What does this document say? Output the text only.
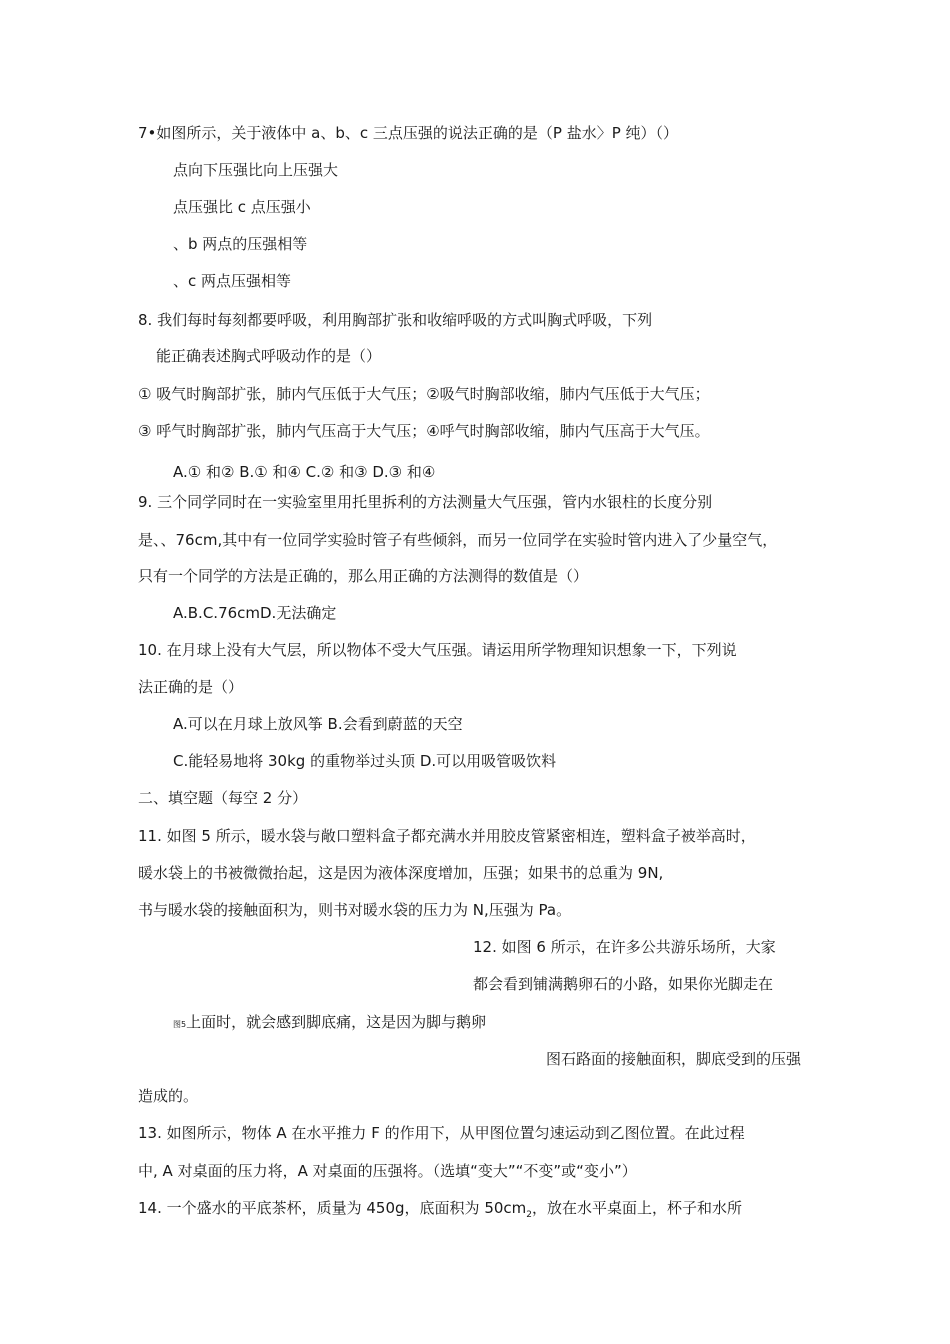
7•如图所示，关于液体中 a、b、c 三点压强的说法正确的是（P 盐水〉P 纯）（）
点向下压强比向上压强大
点压强比 c 点压强小
、b 两点的压强相等
、c 两点压强相等
8. 我们每时每刻都要呼吸，利用胸部扩张和收缩呼吸的方式叫胸式呼吸，下列
能正确表述胸式呼吸动作的是（）
① 吸气时胸部扩张，肺内气压低于大气压；②吸气时胸部收缩，肺内气压低于大气压；
③ 呼气时胸部扩张，肺内气压高于大气压；④呼气时胸部收缩，肺内气压高于大气压。
A.① 和② B.① 和④ C.② 和③ D.③ 和④
9. 三个同学同时在一实验室里用托里拆利的方法测量大气压强，管内水银柱的长度分别
是、、76cm,其中有一位同学实验时管子有些倾斜，而另一位同学在实验时管内进入了少量空气，
只有一个同学的方法是正确的，那么用正确的方法测得的数值是（）
A.B.C.76cmD.无法确定
10. 在月球上没有大气层，所以物体不受大气压强。请运用所学物理知识想象一下，下列说
法正确的是（）
A.可以在月球上放风筝 B.会看到蔚蓝的天空
C.能轻易地将 30kg 的重物举过头顶 D.可以用吸管吸饮料
二、填空题（每空 2 分）
11. 如图 5 所示，暖水袋与敞口塑料盒子都充满水并用胶皮管紧密相连，塑料盒子被举高时，
暖水袋上的书被微微抬起，这是因为液体深度增加，压强；如果书的总重为 9N,
书与暖水袋的接触面积为，则书对暖水袋的压力为 N,压强为 Pa。
12. 如图 6 所示，在许多公共游乐场所，大家
都会看到铺满鹅卵石的小路，如果你光脚走在
图5上面时，就会感到脚底痛，这是因为脚与鹅卵
图石路面的接触面积，脚底受到的压强
造成的。
13. 如图所示，物体 A 在水平推力 F 的作用下，从甲图位置匀速运动到乙图位置。在此过程
中, A 对桌面的压力将，A 对桌面的压强将。（选填“变大”“不变”或“变小”）
14. 一个盛水的平底茶杯，质量为 450g，底面积为 $50cm_2$，放在水平桌面上，杯子和水所
